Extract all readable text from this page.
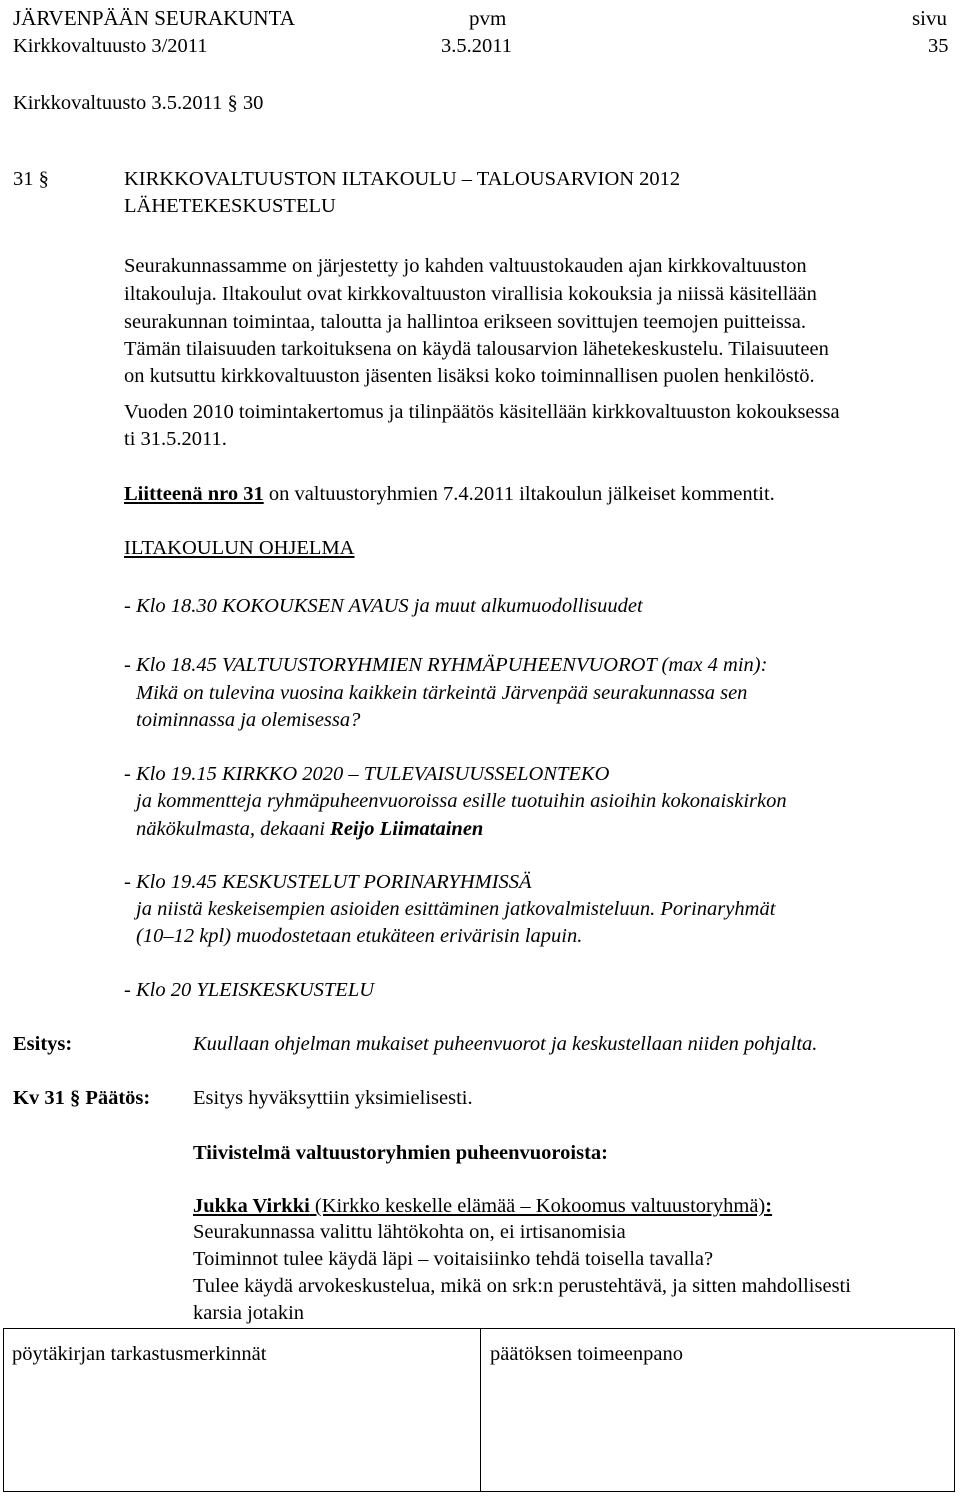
JÄRVENPÄÄN SEURAKUNTA	pvm	sivu
Kirkkovaltuusto 3/2011	3.5.2011	35
Kirkkovaltuusto 3.5.2011 § 30
31 §	KIRKKOVALTUUSTON ILTAKOULU – TALOUSARVION 2012
LÄHETEKESKUSTELU
Seurakunnassamme on järjestetty jo kahden valtuustokauden ajan kirkkovaltuuston
iltakouluja. Iltakoulut ovat kirkkovaltuuston virallisia kokouksia ja niissä käsitellään
seurakunnan toimintaa, taloutta ja hallintoa erikseen sovittujen teemojen puitteissa.
Tämän tilaisuuden tarkoituksena on käydä talousarvion lähetekeskustelu. Tilaisuuteen
on kutsuttu kirkkovaltuuston jäsenten lisäksi koko toiminnallisen puolen henkilöstö.
Vuoden 2010 toimintakertomus ja tilinpäätös käsitellään kirkkovaltuuston kokouksessa
ti 31.5.2011.
Liitteenä nro 31 on valtuustoryhmien 7.4.2011 iltakoulun jälkeiset kommentit.
ILTAKOULUN OHJELMA
- Klo 18.30 KOKOUKSEN AVAUS ja muut alkumuodollisuudet
- Klo 18.45 VALTUUSTORYHMIEN RYHMÄPUHEENVUOROT (max 4 min):
Mikä on tulevina vuosina kaikkein tärkeintä Järvenpää seurakunnassa sen
toiminnassa ja olemisessa?
- Klo 19.15 KIRKKO 2020 – TULEVAISUUSSELONTEKO
ja kommentteja ryhmäpuheenvuoroissa esille tuotuihin asioihin kokonaiskirkon
näkökulmasta, dekaani Reijo Liimatainen
- Klo 19.45 KESKUSTELUT PORINARYHMISSÄ
ja niistä keskeisempien asioiden esittäminen jatkovalmisteluun. Porinaryhmät
(10–12 kpl) muodostetaan etukäteen erivärisin lapuin.
- Klo 20 YLEISKESKUSTELU
Esitys:	Kuullaan ohjelman mukaiset puheenvuorot ja keskustellaan niiden pohjalta.
Kv 31 § Päätös: Esitys hyväksyttiin yksimielisesti.
Tiivistelmä valtuustoryhmien puheenvuoroista:
Jukka Virkki (Kirkko keskelle elämää – Kokoomus valtuustoryhmä):
Seurakunnassa valittu lähtökohta on, ei irtisanomisia
Toiminnot tulee käydä läpi – voitaisiinko tehdä toisella tavalla?
Tulee käydä arvokeskustelua, mikä on srk:n perustehtävä, ja sitten mahdollisesti
karsia jotakin
pöytäkirjan tarkastusmerkinnät	päätöksen toimeenpano
